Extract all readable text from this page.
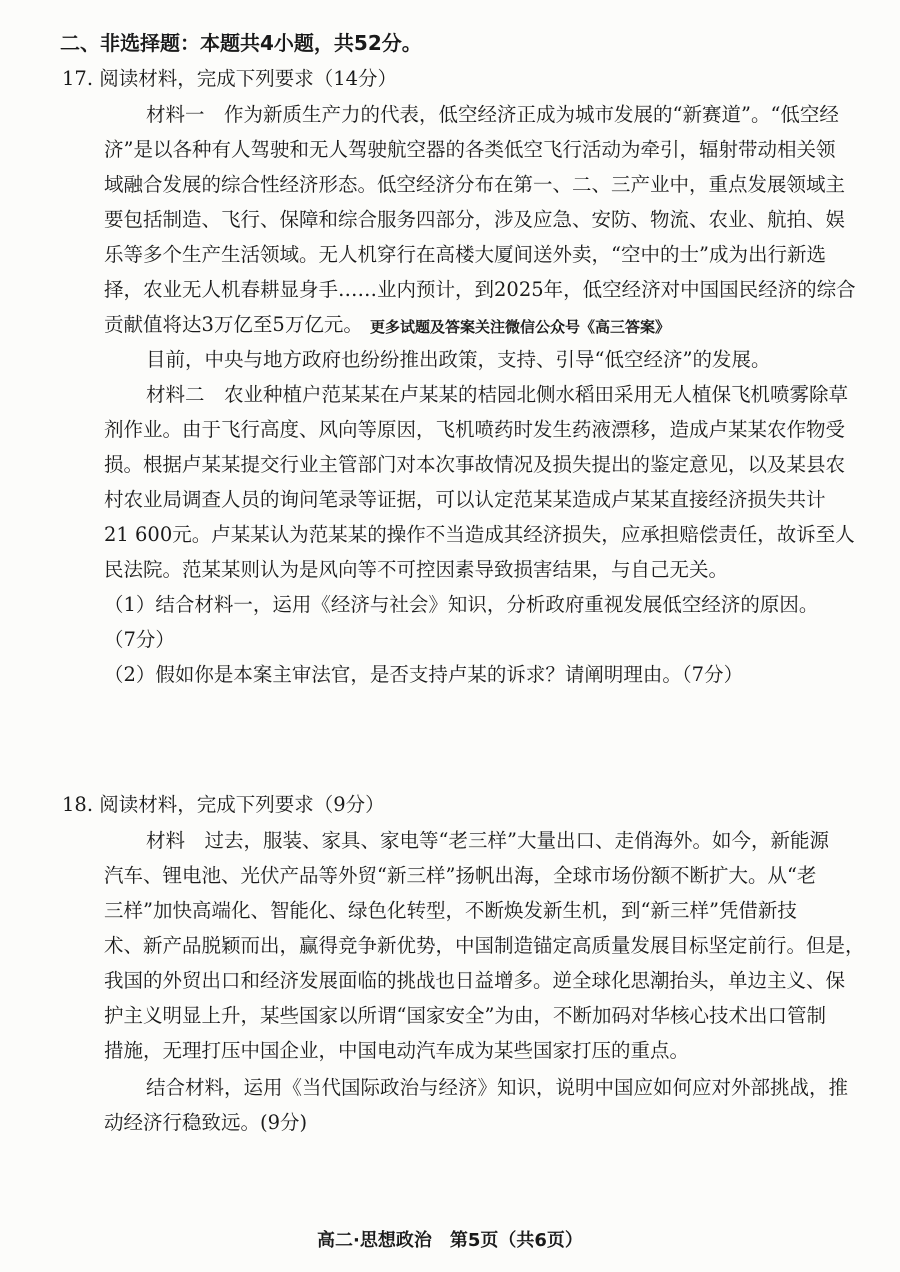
二、非选择题：本题共4小题，共52分。
17. 阅读材料，完成下列要求（14分）
材料一　作为新质生产力的代表，低空经济正成为城市发展的“新赛道”。“低空经
济”是以各种有人驾驶和无人驾驶航空器的各类低空飞行活动为牵引，辐射带动相关领
域融合发展的综合性经济形态。低空经济分布在第一、二、三产业中，重点发展领域主
要包括制造、飞行、保障和综合服务四部分，涉及应急、安防、物流、农业、航拍、娱
乐等多个生产生活领域。无人机穿行在高楼大厦间送外卖，“空中的士”成为出行新选
择，农业无人机春耕显身手……业内预计，到2025年，低空经济对中国国民经济的综合
贡献值将达3万亿至5万亿元。 更多试题及答案关注微信公众号《高三答案》
目前，中央与地方政府也纷纷推出政策，支持、引导“低空经济”的发展。
材料二　农业种植户范某某在卢某某的桔园北侧水稻田采用无人植保飞机喷雾除草
剂作业。由于飞行高度、风向等原因，飞机喷药时发生药液漂移，造成卢某某农作物受
损。根据卢某某提交行业主管部门对本次事故情况及损失提出的鉴定意见，以及某县农
村农业局调查人员的询问笔录等证据，可以认定范某某造成卢某某直接经济损失共计
21 600元。卢某某认为范某某的操作不当造成其经济损失，应承担赔偿责任，故诉至人
民法院。范某某则认为是风向等不可控因素导致损害结果，与自己无关。
（1）结合材料一，运用《经济与社会》知识，分析政府重视发展低空经济的原因。
（7分）
（2）假如你是本案主审法官，是否支持卢某的诉求？请阐明理由。（7分）
18. 阅读材料，完成下列要求（9分）
材料　过去，服装、家具、家电等“老三样”大量出口、走俏海外。如今，新能源
汽车、锂电池、光伏产品等外贸“新三样”扬帆出海，全球市场份额不断扩大。从“老
三样”加快高端化、智能化、绿色化转型，不断焕发新生机，到“新三样”凭借新技
术、新产品脱颖而出，赢得竞争新优势，中国制造锚定高质量发展目标坚定前行。但是，
我国的外贸出口和经济发展面临的挑战也日益增多。逆全球化思潮抬头，单边主义、保
护主义明显上升，某些国家以所谓“国家安全”为由，不断加码对华核心技术出口管制
措施，无理打压中国企业，中国电动汽车成为某些国家打压的重点。
结合材料，运用《当代国际政治与经济》知识，说明中国应如何应对外部挑战，推
动经济行稳致远。(9分)
高二·思想政治　第5页（共6页）
